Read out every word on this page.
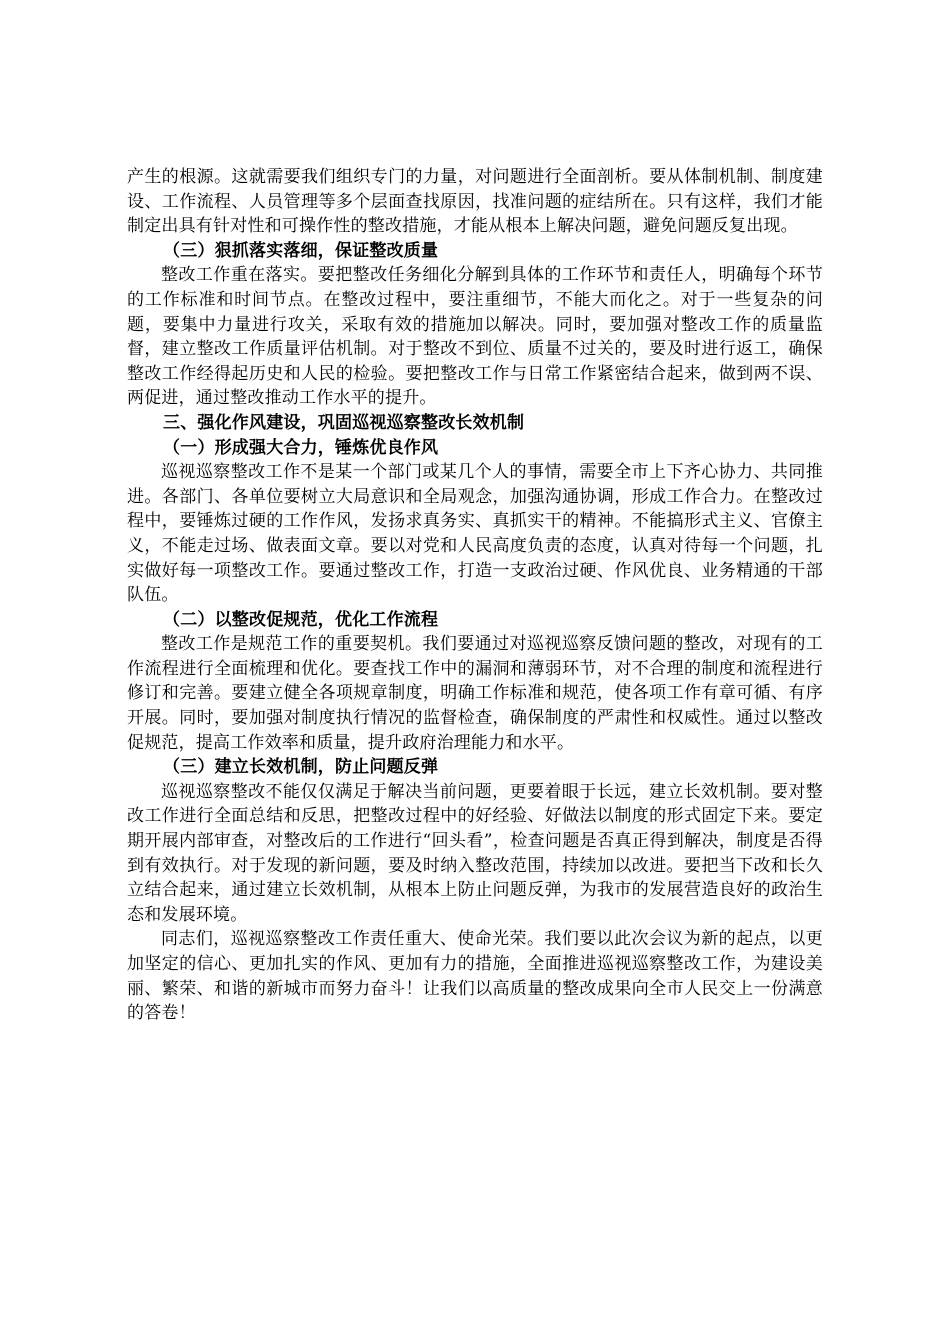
产生的根源。这就需要我们组织专门的力量，对问题进行全面剖析。要从体制机制、制度建设、工作流程、人员管理等多个层面查找原因，找准问题的症结所在。只有这样，我们才能制定出具有针对性和可操作性的整改措施，才能从根本上解决问题，避免问题反复出现。

（三）狠抓落实落细，保证整改质量

整改工作重在落实。要把整改任务细化分解到具体的工作环节和责任人，明确每个环节的工作标准和时间节点。在整改过程中，要注重细节，不能大而化之。对于一些复杂的问题，要集中力量进行攻关，采取有效的措施加以解决。同时，要加强对整改工作的质量监督，建立整改工作质量评估机制。对于整改不到位、质量不过关的，要及时进行返工，确保整改工作经得起历史和人民的检验。要把整改工作与日常工作紧密结合起来，做到两不误、两促进，通过整改推动工作水平的提升。

三、强化作风建设，巩固巡视巡察整改长效机制

（一）形成强大合力，锤炼优良作风

巡视巡察整改工作不是某一个部门或某几个人的事情，需要全市上下齐心协力、共同推进。各部门、各单位要树立大局意识和全局观念，加强沟通协调，形成工作合力。在整改过程中，要锤炼过硬的工作作风，发扬求真务实、真抓实干的精神。不能搞形式主义、官僚主义，不能走过场、做表面文章。要以对党和人民高度负责的态度，认真对待每一个问题，扎实做好每一项整改工作。要通过整改工作，打造一支政治过硬、作风优良、业务精通的干部队伍。

（二）以整改促规范，优化工作流程

整改工作是规范工作的重要契机。我们要通过对巡视巡察反馈问题的整改，对现有的工作流程进行全面梳理和优化。要查找工作中的漏洞和薄弱环节，对不合理的制度和流程进行修订和完善。要建立健全各项规章制度，明确工作标准和规范，使各项工作有章可循、有序开展。同时，要加强对制度执行情况的监督检查，确保制度的严肃性和权威性。通过以整改促规范，提高工作效率和质量，提升政府治理能力和水平。

（三）建立长效机制，防止问题反弹

巡视巡察整改不能仅仅满足于解决当前问题，更要着眼于长远，建立长效机制。要对整改工作进行全面总结和反思，把整改过程中的好经验、好做法以制度的形式固定下来。要定期开展内部审查，对整改后的工作进行“回头看”，检查问题是否真正得到解决，制度是否得到有效执行。对于发现的新问题，要及时纳入整改范围，持续加以改进。要把当下改和长久立结合起来，通过建立长效机制，从根本上防止问题反弹，为我市的发展营造良好的政治生态和发展环境。

同志们，巡视巡察整改工作责任重大、使命光荣。我们要以此次会议为新的起点，以更加坚定的信心、更加扎实的作风、更加有力的措施，全面推进巡视巡察整改工作，为建设美丽、繁荣、和谐的新城市而努力奋斗！让我们以高质量的整改成果向全市人民交上一份满意的答卷！
